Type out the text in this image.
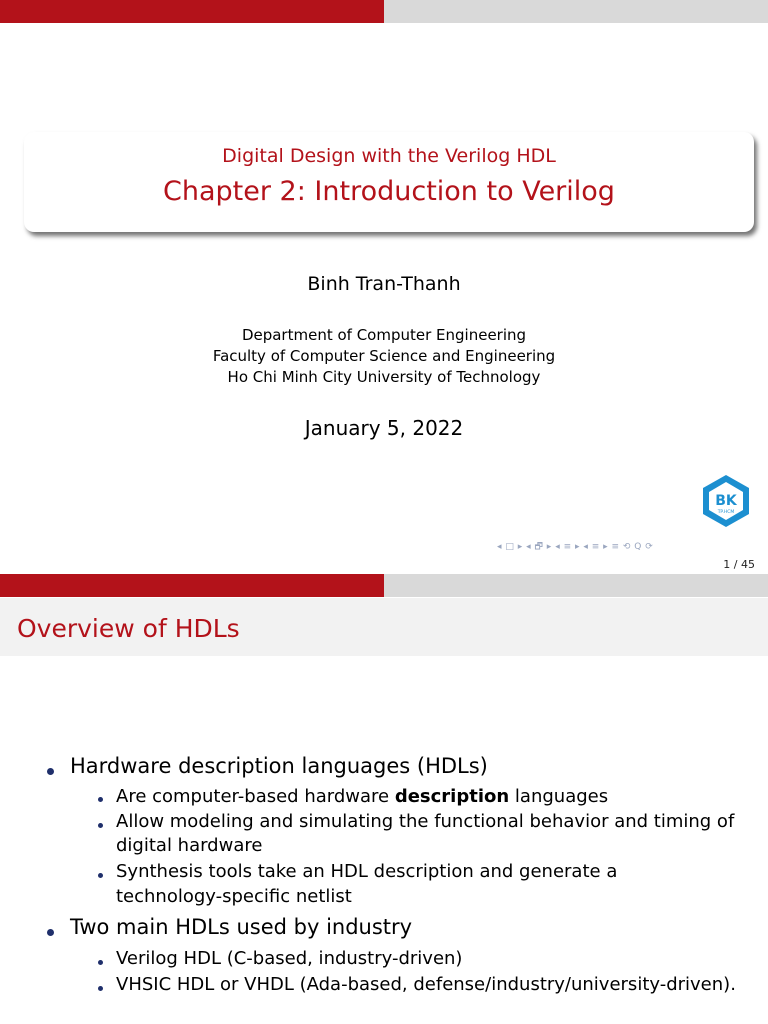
Digital Design with the Verilog HDL
Chapter 2: Introduction to Verilog
Binh Tran-Thanh
Department of Computer Engineering
Faculty of Computer Science and Engineering
Ho Chi Minh City University of Technology
January 5, 2022
BK
TP.HCM
◂ □ ▸ ◂ 🗗 ▸ ◂ ≡ ▸ ◂ ≡ ▸ ≡ ⟲ Q ⟳
1 / 45
Overview of HDLs
Hardware description languages (HDLs)
Are computer-based hardware description languages
Allow modeling and simulating the functional behavior and timing of
digital hardware
Synthesis tools take an HDL description and generate a
technology-specific netlist
Two main HDLs used by industry
Verilog HDL (C-based, industry-driven)
VHSIC HDL or VHDL (Ada-based, defense/industry/university-driven).
